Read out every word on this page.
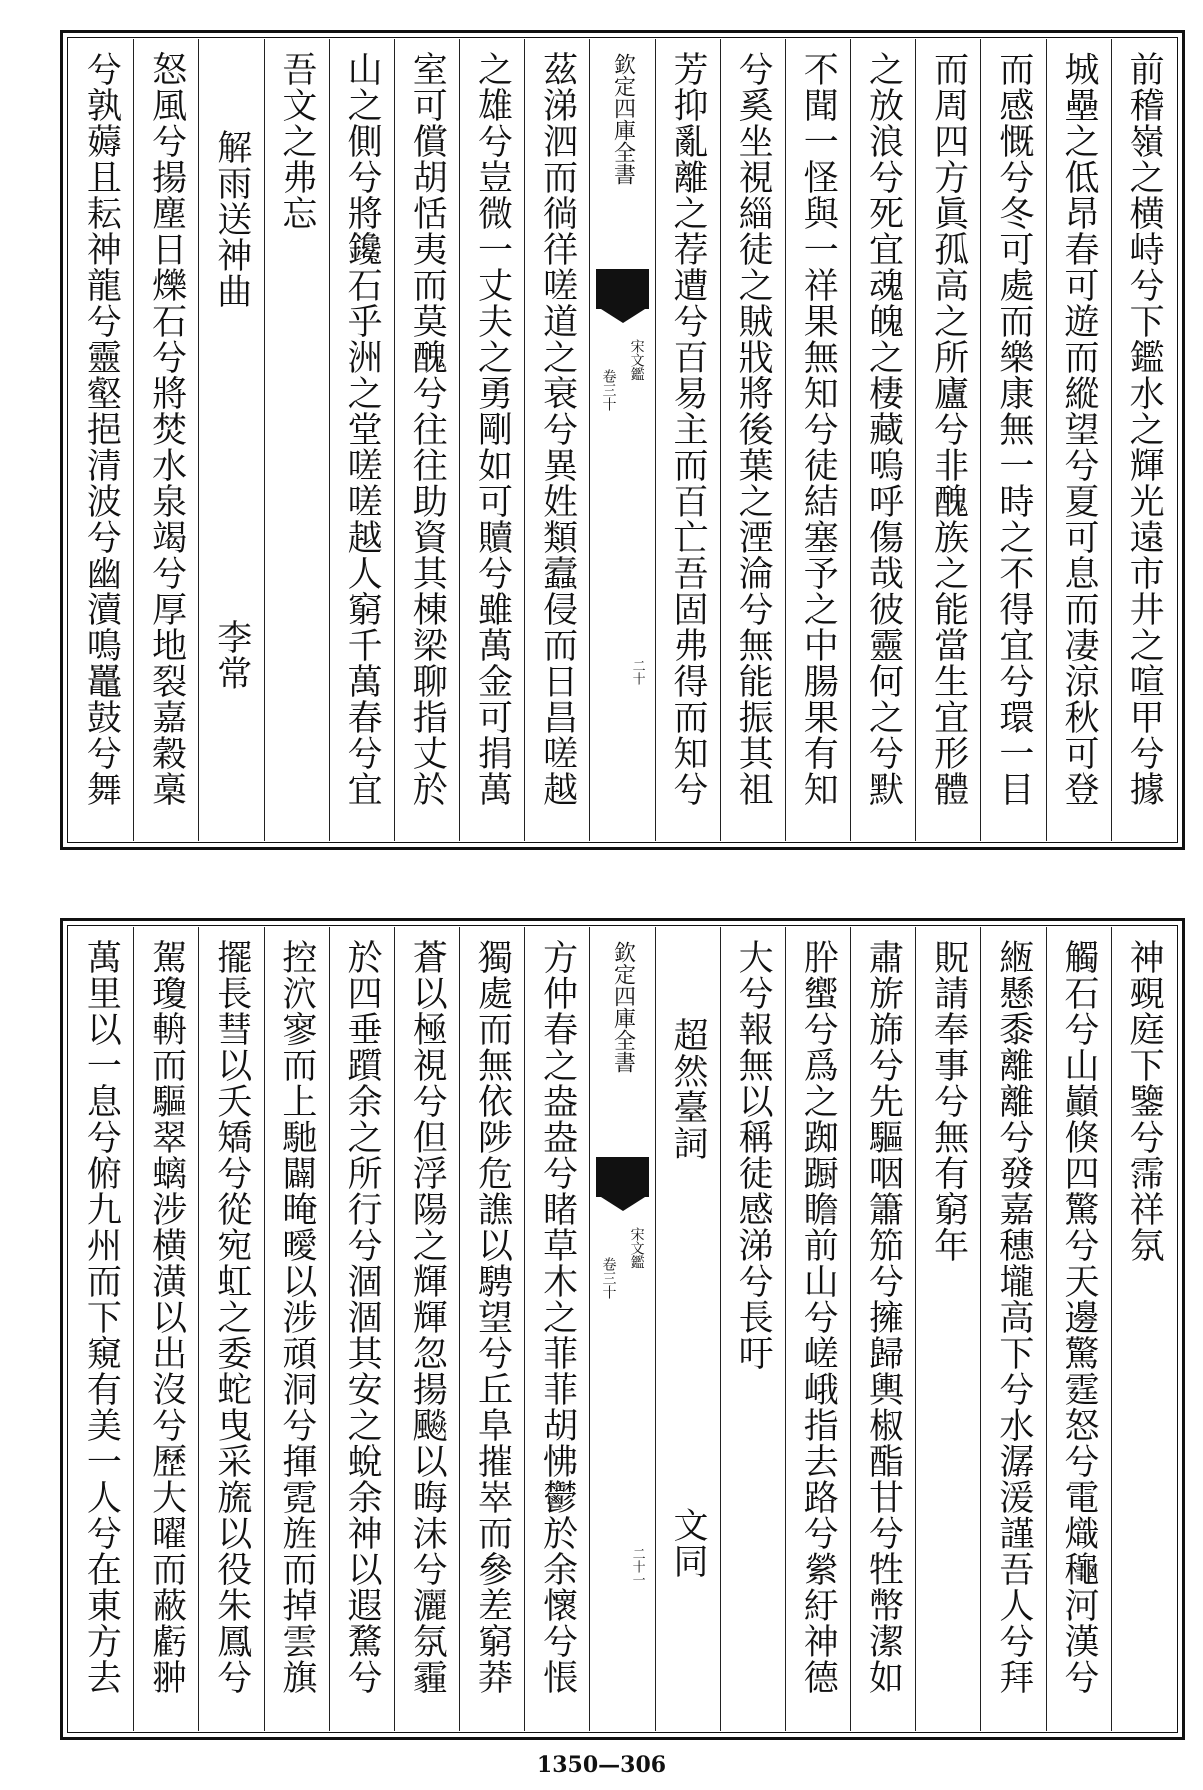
前稽嶺之横峙兮下鑑水之輝光遠市井之喧甲兮據
城壘之低昂春可遊而縱望兮夏可息而凄涼秋可登
而感慨兮冬可處而樂康無一時之不得宜兮環一目
而周四方眞孤高之所廬兮非醜族之能當生宜形體
之放浪兮死宜魂魄之棲藏嗚呼傷哉彼靈何之兮默
不聞一怪與一祥果無知兮徒結塞予之中腸果有知
兮奚坐視緇徒之賊戕將後葉之湮淪兮無能振其祖
芳抑亂離之荐遭兮百易主而百亡吾固弗得而知兮
欽定四庫全書
宋文鑑
卷三十
二十
茲涕泗而徜徉嗟道之衰兮異姓類蠧侵而日昌嗟越
之雄兮豈微一丈夫之勇剛如可贖兮雖萬金可捐萬
室可償胡恬夷而莫醜兮往往助資其棟梁聊指丈於
山之側兮將鑱石乎洲之堂嗟嗟越人窮千萬春兮宜
吾文之弗忘
解雨送神曲
李常
怒風兮揚塵日爍石兮將焚水泉竭兮厚地裂嘉穀槀
兮孰薅且耘神龍兮靈壑挹清波兮幽瀆鳴鼉鼓兮舞
神覡庭下鑒兮霈祥氛
觸石兮山巓倏四驚兮天邊驚霆怒兮電熾龝河漢兮
緪懸黍離離兮發嘉穗壠高下兮水潺湲謹吾人兮拜
貺請奉事兮無有窮年
肅旂旆兮先驅咽簫笳兮擁歸輿椒酯甘兮牲幣潔如
肸蠁兮爲之踟蹰瞻前山兮嵯峨指去路兮縈紆神德
大兮報無以稱徒感涕兮長吁
超然臺詞
文同
欽定四庫全書
宋文鑑
卷三十
二十一
方仲春之盎盎兮睹草木之菲菲胡怫鬱於余懷兮悵
獨處而無依陟危譙以騁望兮丘阜摧崒而參差窮莽
蒼以極視兮但浮陽之輝輝忽揚飈以晦沫兮灑氛霾
於四垂躓余之所行兮涸涸其安之蛻余神以遐騖兮
控泬寥而上馳闢晻曖以涉頑洞兮揮霓旌而掉雲旗
擺長彗以夭矯兮從宛虹之委蛇曳采旒以役朱鳳兮
駕瓊輈而驅翠螭涉横潢以出沒兮歷大曜而蔽虧翀
萬里以一息兮俯九州而下窺有美一人兮在東方去
1350—306
